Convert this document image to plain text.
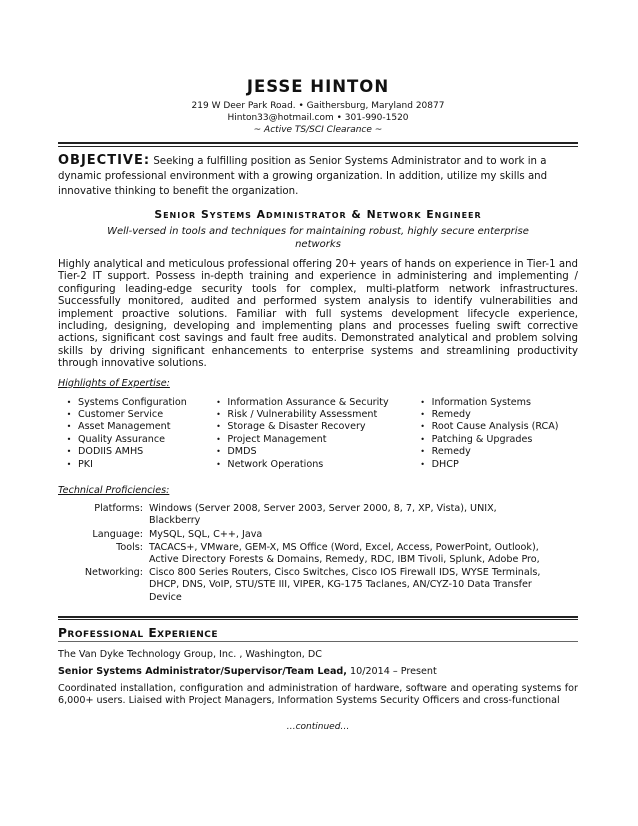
JESSE HINTON
219 W Deer Park Road. • Gaithersburg, Maryland 20877
Hinton33@hotmail.com • 301-990-1520
~ Active TS/SCI Clearance ~
OBJECTIVE: Seeking a fulfilling position as Senior Systems Administrator and to work in a dynamic professional environment with a growing organization. In addition, utilize my skills and innovative thinking to benefit the organization.
Senior Systems Administrator & Network Engineer
Well-versed in tools and techniques for maintaining robust, highly secure enterprise networks
Highly analytical and meticulous professional offering 20+ years of hands on experience in Tier-1 and Tier-2 IT support. Possess in-depth training and experience in administering and implementing / configuring leading-edge security tools for complex, multi-platform network infrastructures. Successfully monitored, audited and performed system analysis to identify vulnerabilities and implement proactive solutions. Familiar with full systems development lifecycle experience, including, designing, developing and implementing plans and processes fueling swift corrective actions, significant cost savings and fault free audits. Demonstrated analytical and problem solving skills by driving significant enhancements to enterprise systems and streamlining productivity through innovative solutions.
Highlights of Expertise:
• Systems Configuration
• Customer Service
• Asset Management
• Quality Assurance
• DODIIS AMHS
• PKI
• Information Assurance & Security
• Risk / Vulnerability Assessment
• Storage & Disaster Recovery
• Project Management
• DMDS
• Network Operations
• Information Systems
• Remedy
• Root Cause Analysis (RCA)
• Patching & Upgrades
• Remedy
• DHCP
Technical Proficiencies:
Platforms: Windows (Server 2008, Server 2003, Server 2000, 8, 7, XP, Vista), UNIX, Blackberry
Language: MySQL, SQL, C++, Java
Tools: TACACS+, VMware, GEM-X, MS Office (Word, Excel, Access, PowerPoint, Outlook), Active Directory Forests & Domains, Remedy, RDC, IBM Tivoli, Splunk, Adobe Pro,
Networking: Cisco 800 Series Routers, Cisco Switches, Cisco IOS Firewall IDS, WYSE Terminals, DHCP, DNS, VoIP, STU/STE III, VIPER, KG-175 Taclanes, AN/CYZ-10 Data Transfer Device
Professional Experience
The Van Dyke Technology Group, Inc. , Washington, DC
Senior Systems Administrator/Supervisor/Team Lead, 10/2014 – Present
Coordinated installation, configuration and administration of hardware, software and operating systems for 6,000+ users. Liaised with Project Managers, Information Systems Security Officers and cross-functional
…continued…
